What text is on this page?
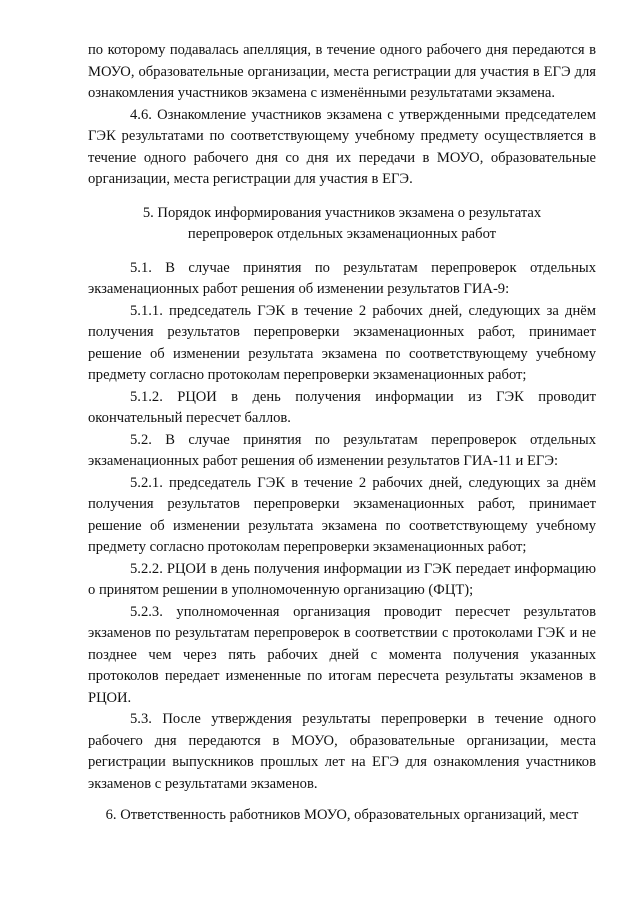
по которому подавалась апелляция, в течение одного рабочего дня передаются в МОУО, образовательные организации, места регистрации для участия в ЕГЭ для ознакомления участников экзамена с изменёнными результатами экзамена.

4.6. Ознакомление участников экзамена с утвержденными председателем ГЭК результатами по соответствующему учебному предмету осуществляется в течение одного рабочего дня со дня их передачи в МОУО, образовательные организации, места регистрации для участия в ЕГЭ.

5. Порядок информирования участников экзамена о результатах

перепроверок отдельных экзаменационных работ

5.1. В случае принятия по результатам перепроверок отдельных экзаменационных работ решения об изменении результатов ГИА-9:

5.1.1. председатель ГЭК в течение 2 рабочих дней, следующих за днём получения результатов перепроверки экзаменационных работ, принимает решение об изменении результата экзамена по соответствующему учебному предмету согласно протоколам перепроверки экзаменационных работ;

5.1.2. РЦОИ в день получения информации из ГЭК проводит окончательный пересчет баллов.

5.2. В случае принятия по результатам перепроверок отдельных экзаменационных работ решения об изменении результатов ГИА-11 и ЕГЭ:

5.2.1. председатель ГЭК в течение 2 рабочих дней, следующих за днём получения результатов перепроверки экзаменационных работ, принимает решение об изменении результата экзамена по соответствующему учебному предмету согласно протоколам перепроверки экзаменационных работ;

5.2.2. РЦОИ в день получения информации из ГЭК передает информацию о принятом решении в уполномоченную организацию (ФЦТ);

5.2.3. уполномоченная организация проводит пересчет результатов экзаменов по результатам перепроверок в соответствии с протоколами ГЭК и не позднее чем через пять рабочих дней с момента получения указанных протоколов передает измененные по итогам пересчета результаты экзаменов в РЦОИ.

5.3. После утверждения результаты перепроверки в течение одного рабочего дня передаются в МОУО, образовательные организации, места регистрации выпускников прошлых лет на ЕГЭ для ознакомления участников экзаменов с результатами экзаменов.

6. Ответственность работников МОУО, образовательных организаций, мест
